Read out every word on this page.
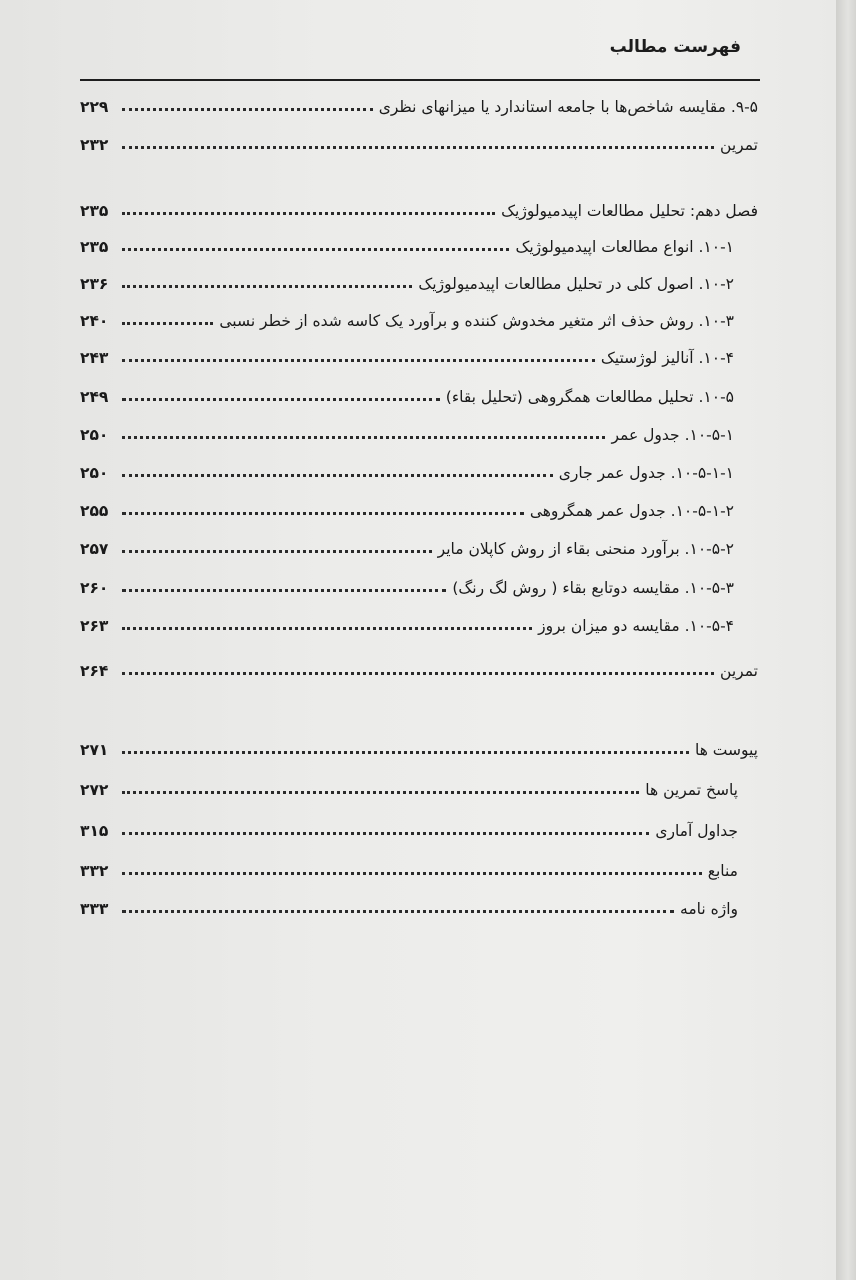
فهرست مطالب
۹-۵. مقایسه شاخص‌ها با جامعه استاندارد یا میزانهای نظری
۲۲۹
تمرین
۲۳۲
فصل دهم: تحلیل مطالعات اپیدمیولوژیک
۲۳۵
۱۰-۱. انواع مطالعات اپیدمیولوژیک
۲۳۵
۱۰-۲. اصول کلی در تحلیل مطالعات اپیدمیولوژیک
۲۳۶
۱۰-۳. روش حذف اثر متغیر مخدوش کننده و برآورد یک کاسه شده از خطر نسبی
۲۴۰
۱۰-۴. آنالیز لوژستیک
۲۴۳
۱۰-۵. تحلیل مطالعات همگروهی (تحلیل بقاء)
۲۴۹
۱۰-۵-۱. جدول عمر
۲۵۰
۱۰-۵-۱-۱. جدول عمر جاری
۲۵۰
۱۰-۵-۱-۲. جدول عمر همگروهی
۲۵۵
۱۰-۵-۲. برآورد منحنی بقاء از روش کاپلان مایر
۲۵۷
۱۰-۵-۳. مقایسه دوتابع بقاء ( روش لگ رنگ)
۲۶۰
۱۰-۵-۴. مقایسه دو میزان بروز
۲۶۳
تمرین
۲۶۴
پیوست ها
۲۷۱
پاسخ تمرین ها
۲۷۲
جداول آماری
۳۱۵
منابع
۳۳۲
واژه نامه
۳۳۳
